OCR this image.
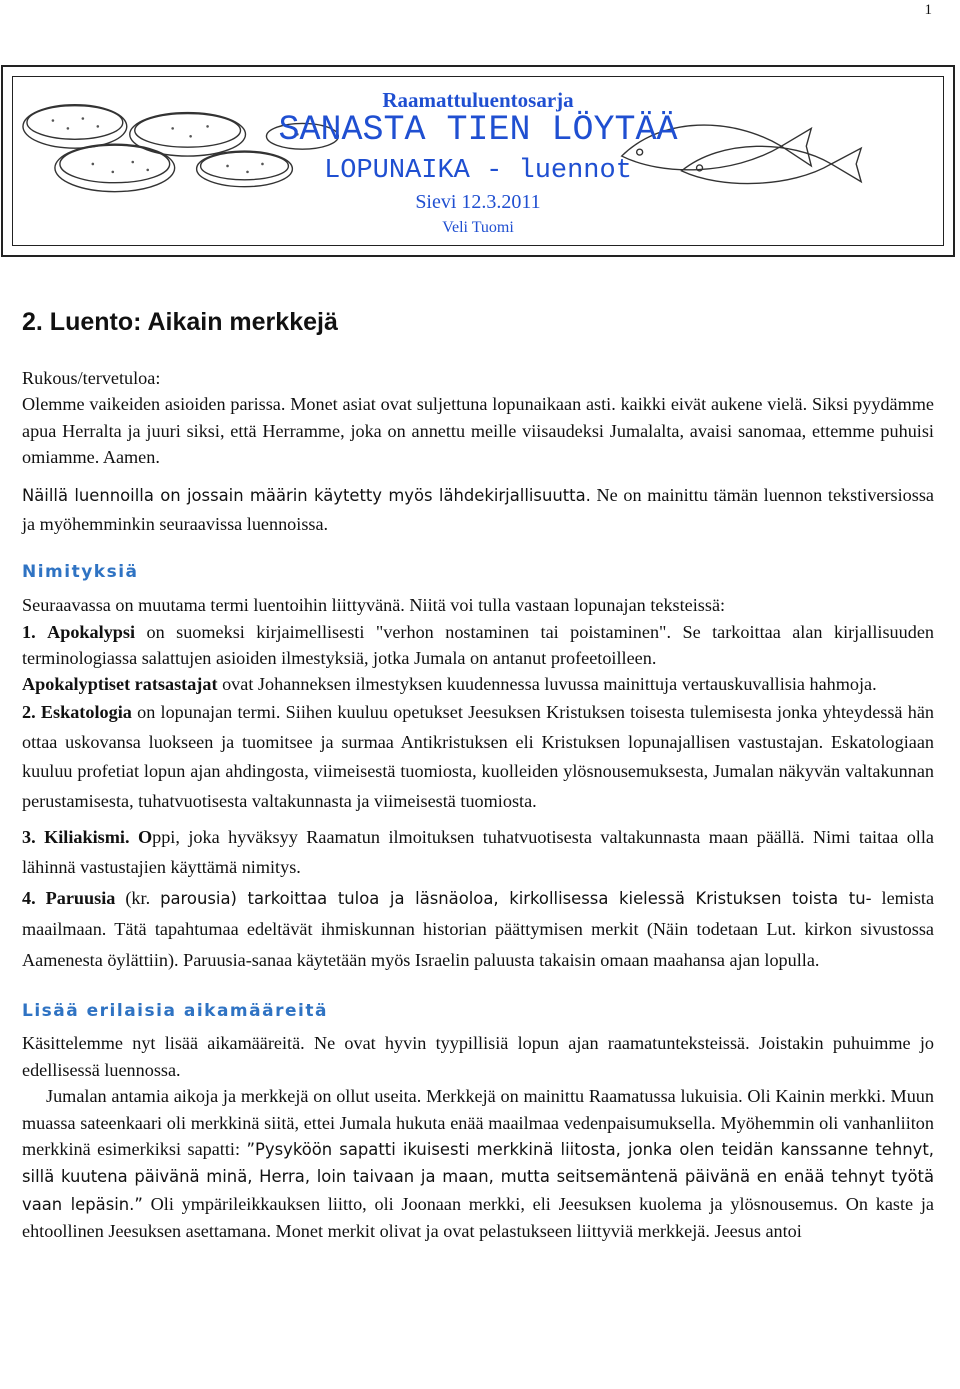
1
Raamattuluentosarja
SANASTA TIEN LÖYTÄÄ
LOPUNAIKA - luennot
Sievi 12.3.2011
Veli Tuomi
2. Luento: Aikain merkkejä

Rukous/tervetuloa:

Olemme vaikeiden asioiden parissa. Monet asiat ovat suljettuna lopunaikaan asti. kaikki eivät aukene vielä. Siksi pyydämme apua Herralta ja juuri siksi, että Herramme, joka on annettu meille viisaudeksi Jumalalta, avaisi sanomaa, ettemme puhuisi omiamme. Aamen.

Näillä luennoilla on jossain määrin käytetty myös lähdekirjallisuutta. Ne on mainittu tämän luennon tekstiversiossa ja myöhemminkin seuraavissa luennoissa.

Nimityksiä

Seuraavassa on muutama termi luentoihin liittyvänä. Niitä voi tulla vastaan lopunajan teksteissä:

1. Apokalypsi on suomeksi kirjaimellisesti "verhon nostaminen tai poistaminen". Se tarkoittaa alan kirjallisuuden terminologiassa salattujen asioiden ilmestyksiä, jotka Jumala on antanut profeetoilleen.

Apokalyptiset ratsastajat ovat Johanneksen ilmestyksen kuudennessa luvussa mainittuja vertauskuvallisia hahmoja.

2. Eskatologia on lopunajan termi. Siihen kuuluu opetukset Jeesuksen Kristuksen toisesta tulemisesta jonka yhteydessä hän ottaa uskovansa luokseen ja tuomitsee ja surmaa Antikristuksen eli Kristuksen lopunajallisen vastustajan. Eskatologiaan kuuluu profetiat lopun ajan ahdingosta, viimeisestä tuomiosta, kuolleiden ylösnousemuksesta, Jumalan näkyvän valtakunnan perustamisesta, tuhatvuotisesta valtakunnasta ja viimeisestä tuomiosta.

3. Kiliakismi. Oppi, joka hyväksyy Raamatun ilmoituksen tuhatvuotisesta valtakunnasta maan päällä. Nimi taitaa olla lähinnä vastustajien käyttämä nimitys.

4. Paruusia (kr. parousia) tarkoittaa tuloa ja läsnäoloa, kirkollisessa kielessä Kristuksen toista tu- lemista maailmaan. Tätä tapahtumaa edeltävät ihmiskunnan historian päättymisen merkit (Näin todetaan Lut. kirkon sivustossa Aamenesta öylättiin). Paruusia-sanaa käytetään myös Israelin paluusta takaisin omaan maahansa ajan lopulla.

Lisää erilaisia aikamääreitä

Käsittelemme nyt lisää aikamääreitä. Ne ovat hyvin tyypillisiä lopun ajan raamatunteksteissä. Joistakin puhuimme jo edellisessä luennossa.

Jumalan antamia aikoja ja merkkejä on ollut useita. Merkkejä on mainittu Raamatussa lukuisia. Oli Kainin merkki. Muun muassa sateenkaari oli merkkinä siitä, ettei Jumala hukuta enää maailmaa vedenpaisumuksella. Myöhemmin oli vanhanliiton merkkinä esimerkiksi sapatti: ”Pysyköön sapatti ikuisesti merkkinä liitosta, jonka olen teidän kanssanne tehnyt, sillä kuutena päivänä minä, Herra, loin taivaan ja maan, mutta seitsemäntenä päivänä en enää tehnyt työtä vaan lepäsin.” Oli ympärileikkauksen liitto, oli Joonaan merkki, eli Jeesuksen kuolema ja ylösnousemus. On kaste ja ehtoollinen Jeesuksen asettamana. Monet merkit olivat ja ovat pelastukseen liittyviä merkkejä. Jeesus antoi
